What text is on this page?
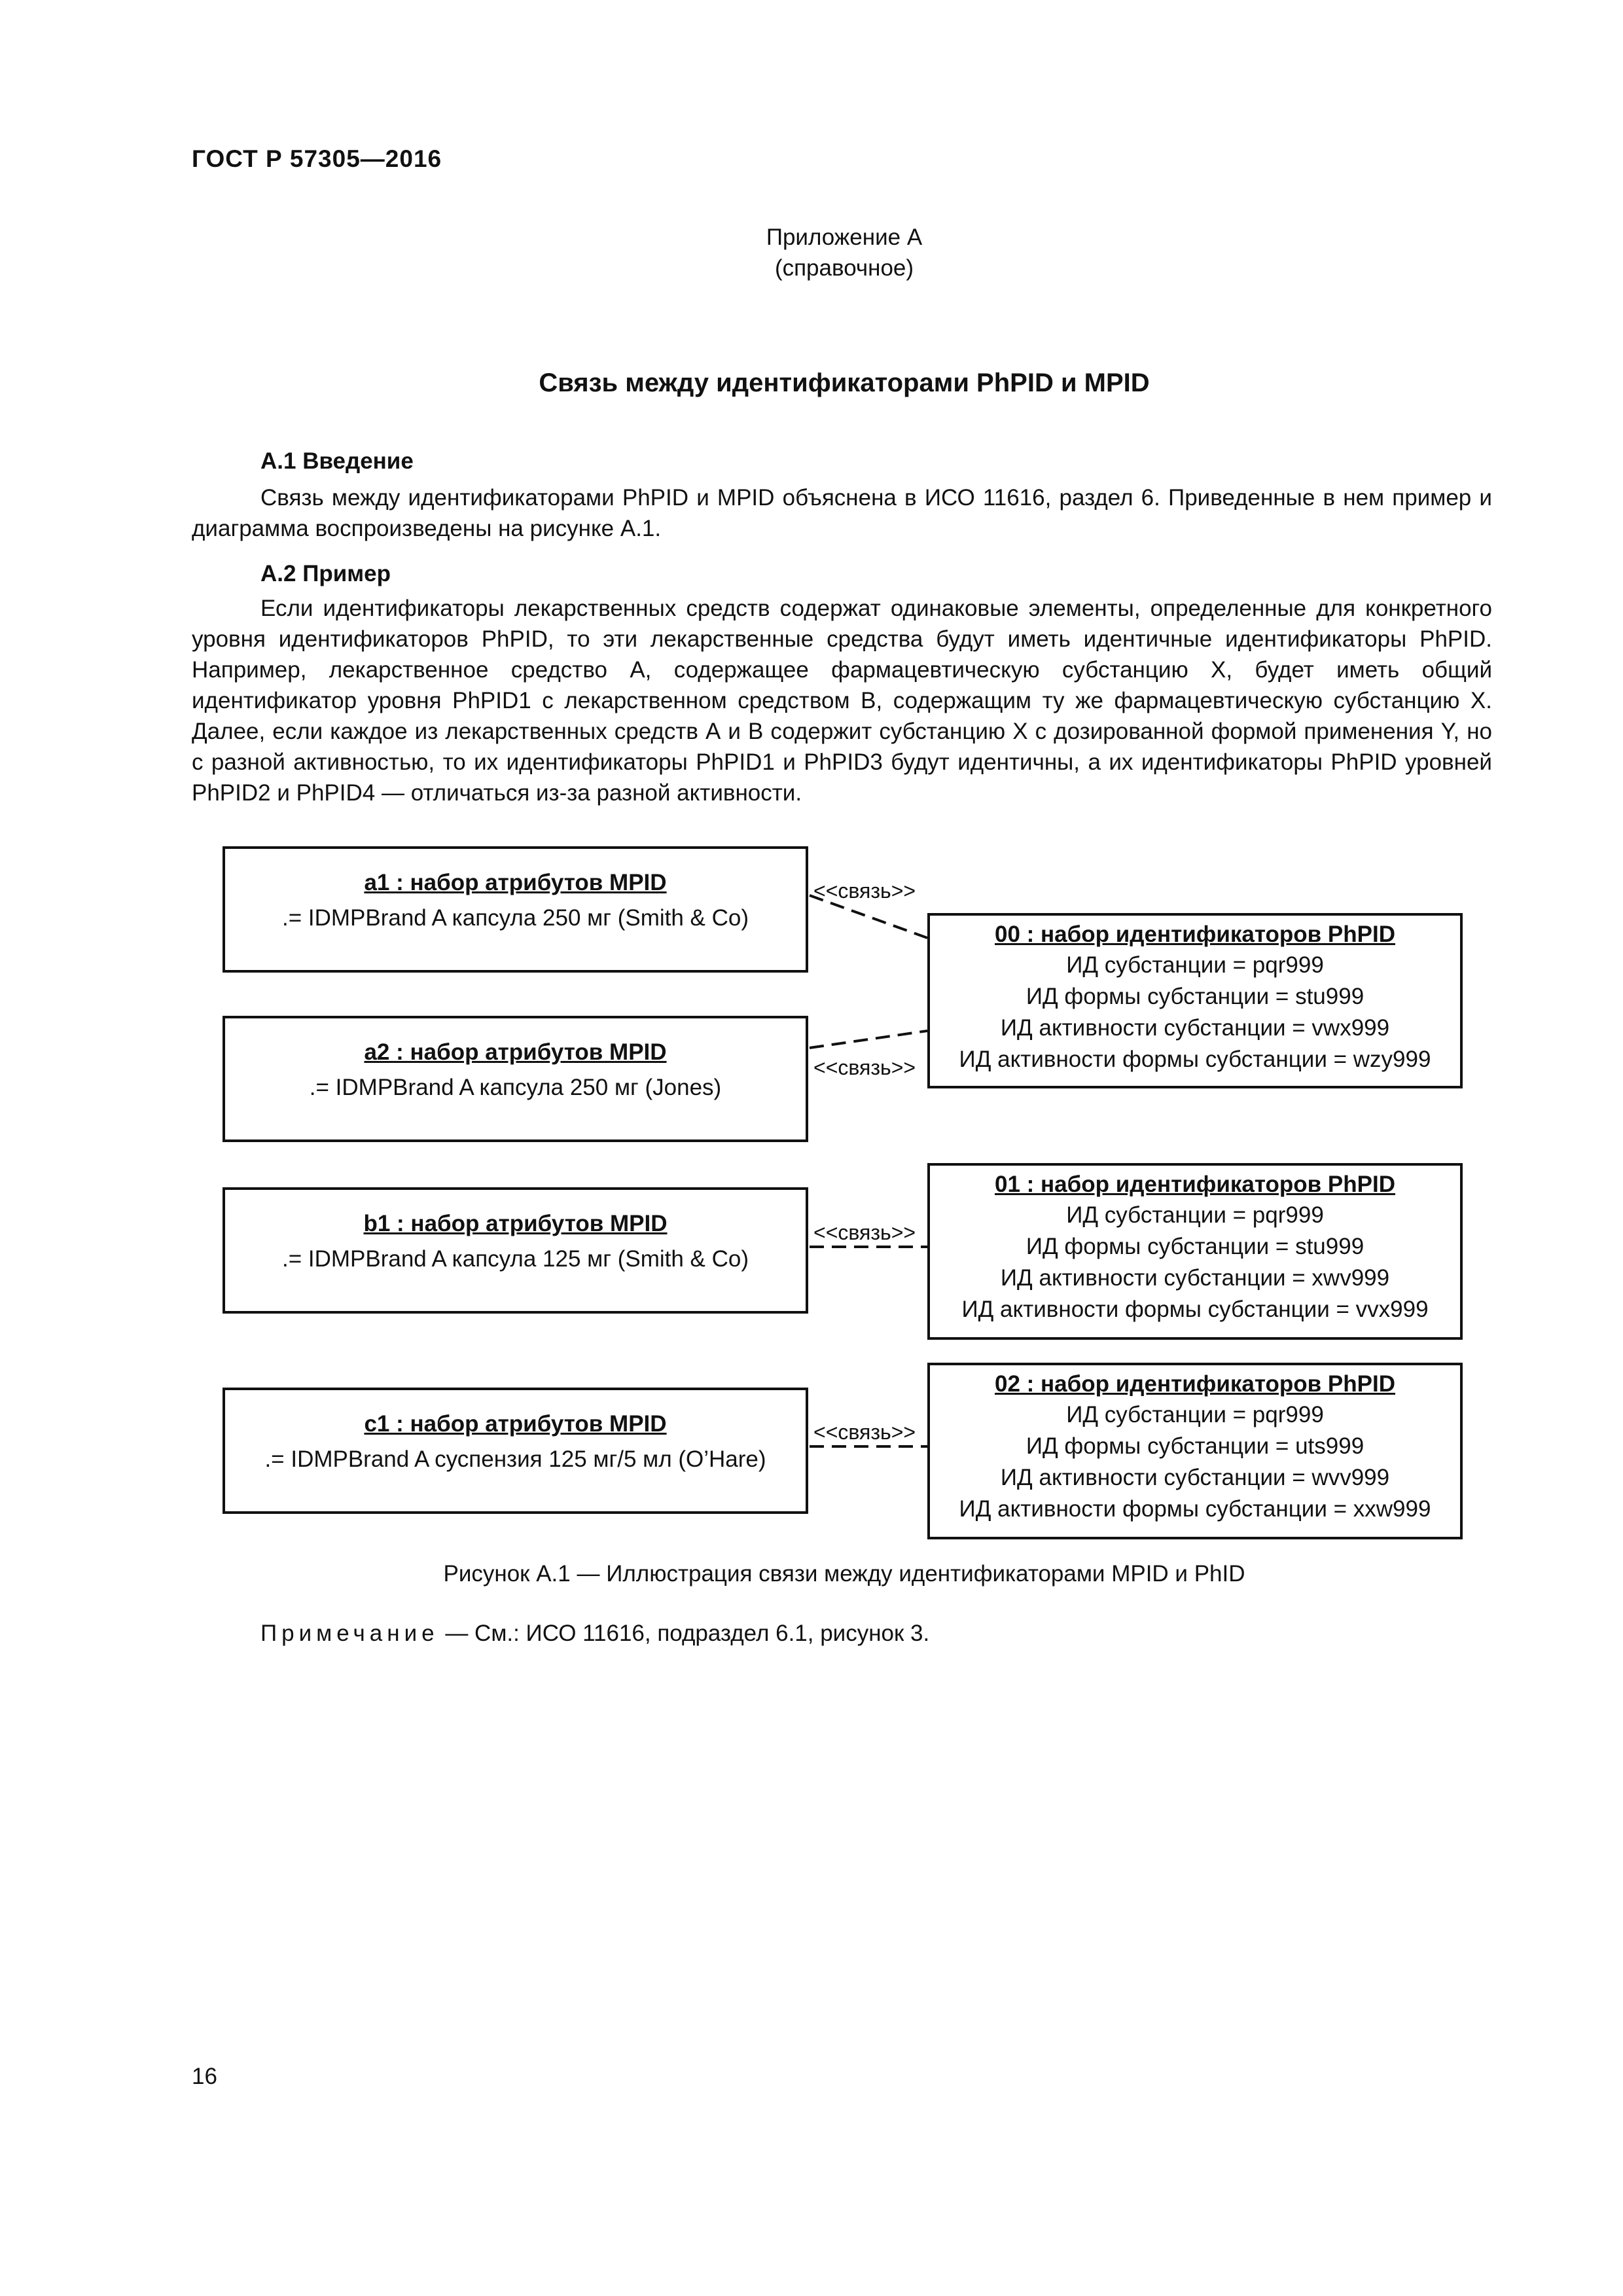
ГОСТ Р 57305—2016
Приложение А
(справочное)
Связь между идентификаторами PhPID и MPID
А.1 Введение

Связь между идентификаторами PhPID и MPID объяснена в ИСО 11616, раздел 6. Приведенные в нем пример и диаграмма воспроизведены на рисунке А.1.

А.2 Пример

Если идентификаторы лекарственных средств содержат одинаковые элементы, определенные для конкретного уровня идентификаторов PhPID, то эти лекарственные средства будут иметь идентичные идентификаторы PhPID. Например, лекарственное средство А, содержащее фармацевтическую субстанцию X, будет иметь общий идентификатор уровня PhPID1 с лекарственном средством В, содержащим ту же фармацевтическую субстанцию X. Далее, если каждое из лекарственных средств А и В содержит субстанцию X с дозированной формой применения Y, но с разной активностью, то их идентификаторы PhPID1 и PhPID3 будут идентичны, а их идентификаторы PhPID уровней PhPID2 и PhPID4 — отличаться из-за разной активности.

<<связь>>
<<связь>>
<<связь>>
<<связь>>
a1 : набор атрибутов MPID
.= IDMPBrand A капсула 250 мг (Smith & Co)
a2 : набор атрибутов MPID
.= IDMPBrand A капсула 250 мг (Jones)
b1 : набор атрибутов MPID
.= IDMPBrand A капсула 125 мг (Smith & Co)
c1 : набор атрибутов MPID
.= IDMPBrand A суспензия 125 мг/5 мл (O’Hare)
00 : набор идентификаторов PhPID
ИД субстанции = pqr999
ИД формы субстанции = stu999
ИД активности субстанции = vwx999
ИД активности формы субстанции = wzy999
01 : набор идентификаторов PhPID
ИД субстанции = pqr999
ИД формы субстанции = stu999
ИД активности субстанции = xwv999
ИД активности формы субстанции = vvx999
02 : набор идентификаторов PhPID
ИД субстанции = pqr999
ИД формы субстанции = uts999
ИД активности субстанции = wvv999
ИД активности формы субстанции = xxw999
Рисунок А.1 — Иллюстрация связи между идентификаторами MPID и PhID
Примечание — См.: ИСО 11616, подраздел 6.1, рисунок 3.
16
